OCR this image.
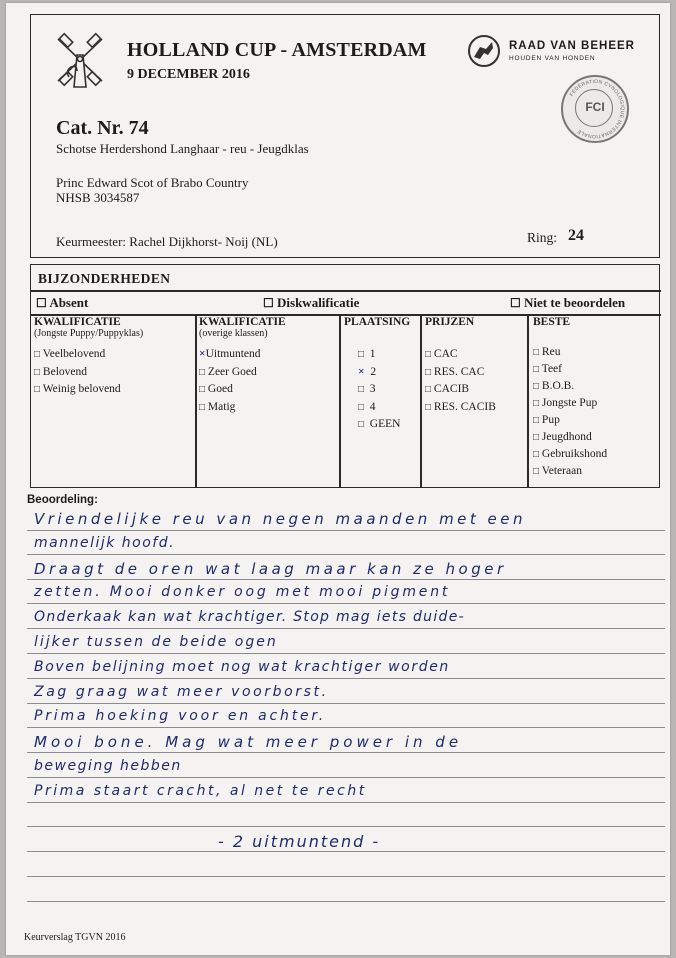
HOLLAND CUP - AMSTERDAM
9 DECEMBER 2016
RAAD VAN BEHEER
HOUDEN VAN HONDEN
FCI
FÉDÉRATION CYNOLOGIQUE INTERNATIONALE
Cat. Nr. 74
Schotse Herdershond Langhaar - reu - Jeugdklas
Princ Edward Scot of Brabo Country
NHSB 3034587
Keurmeester: Rachel Dijkhorst- Noij (NL)	Ring: 24
BIJZONDERHEDEN
☐ Absent	☐ Diskwalificatie	☐ Niet te beoordelen
KWALIFICATIE
(Jongste Puppy/Puppyklas)
□ Veelbelovend
□ Belovend
□ Weinig belovend
KWALIFICATIE
(overige klassen)
×Uitmuntend
□ Zeer Goed
□ Goed
□ Matig
PLAATSING
□ 1
× 2
□ 3
□ 4
□ GEEN
PRIJZEN
□ CAC
□ RES. CAC
□ CACIB
□ RES. CACIB
BESTE
□ Reu
□ Teef
□ B.O.B.
□ Jongste Pup
□ Pup
□ Jeugdhond
□ Gebruikshond
□ Veteraan
Beoordeling:
Vriendelijke reu van negen maanden met een
mannelijk hoofd.
Draagt de oren wat laag maar kan ze hoger
zetten. Mooi donker oog met mooi pigment
Onderkaak kan wat krachtiger. Stop mag iets duide-
lijker tussen de beide ogen
Boven belijning moet nog wat krachtiger worden
Zag graag wat meer voorborst.
Prima hoeking voor en achter.
Mooi bone. Mag wat meer power in de
beweging hebben
Prima staart cracht, al net te recht
- 2 uitmuntend -
Keurverslag TGVN 2016
